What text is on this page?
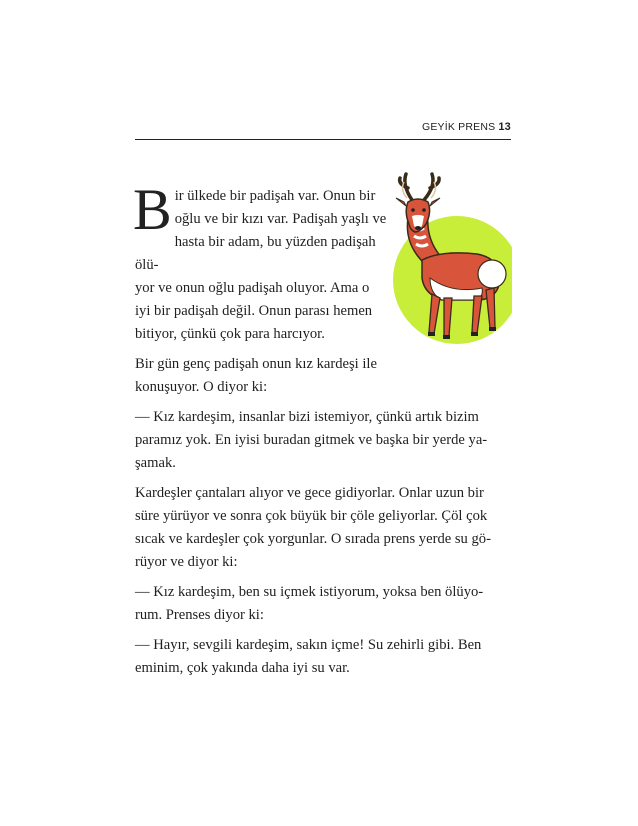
GEYİK PRENS 13
B ir ülkede bir padişah var. Onun bir
oğlu ve bir kızı var. Padişah yaşlı ve
hasta bir adam, bu yüzden padişah ölü-
yor ve onun oğlu padişah oluyor. Ama o
iyi bir padişah değil. Onun parası hemen
bitiyor, çünkü çok para harcıyor.

Bir gün genç padişah onun kız kardeşi ile
konuşuyor. O diyor ki:

— Kız kardeşim, insanlar bizi istemiyor, çünkü artık bizim
paramız yok. En iyisi buradan gitmek ve başka bir yerde ya-
şamak.

Kardeşler çantaları alıyor ve gece gidiyorlar. Onlar uzun bir
süre yürüyor ve sonra çok büyük bir çöle geliyorlar. Çöl çok
sıcak ve kardeşler çok yorgunlar. O sırada prens yerde su gö-
rüyor ve diyor ki:

— Kız kardeşim, ben su içmek istiyorum, yoksa ben ölüyo-
rum. Prenses diyor ki:

— Hayır, sevgili kardeşim, sakın içme! Su zehirli gibi. Ben
eminim, çok yakında daha iyi su var.
